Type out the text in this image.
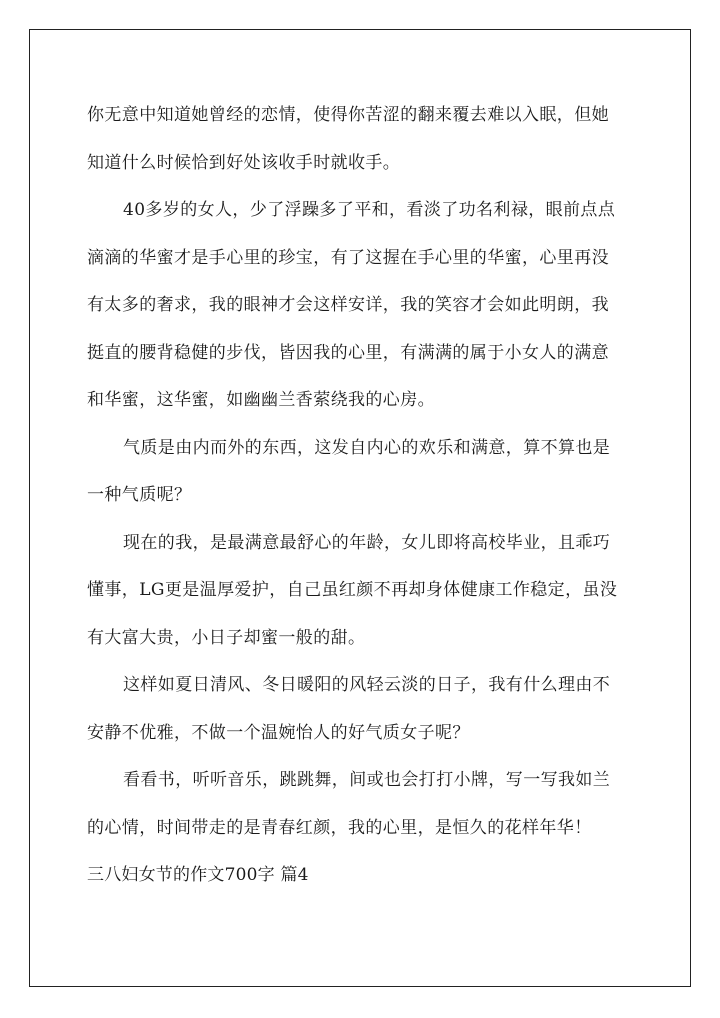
你无意中知道她曾经的恋情，使得你苦涩的翻来覆去难以入眠，但她
知道什么时候恰到好处该收手时就收手。
40多岁的女人，少了浮躁多了平和，看淡了功名利禄，眼前点点
滴滴的华蜜才是手心里的珍宝，有了这握在手心里的华蜜，心里再没
有太多的奢求，我的眼神才会这样安详，我的笑容才会如此明朗，我
挺直的腰背稳健的步伐，皆因我的心里，有满满的属于小女人的满意
和华蜜，这华蜜，如幽幽兰香萦绕我的心房。
气质是由内而外的东西，这发自内心的欢乐和满意，算不算也是
一种气质呢？
现在的我，是最满意最舒心的年龄，女儿即将高校毕业，且乖巧
懂事，LG更是温厚爱护，自己虽红颜不再却身体健康工作稳定，虽没
有大富大贵，小日子却蜜一般的甜。
这样如夏日清风、冬日暖阳的风轻云淡的日子，我有什么理由不
安静不优雅，不做一个温婉怡人的好气质女子呢？
看看书，听听音乐，跳跳舞，间或也会打打小牌，写一写我如兰
的心情，时间带走的是青春红颜，我的心里，是恒久的花样年华！
三八妇女节的作文700字 篇4
